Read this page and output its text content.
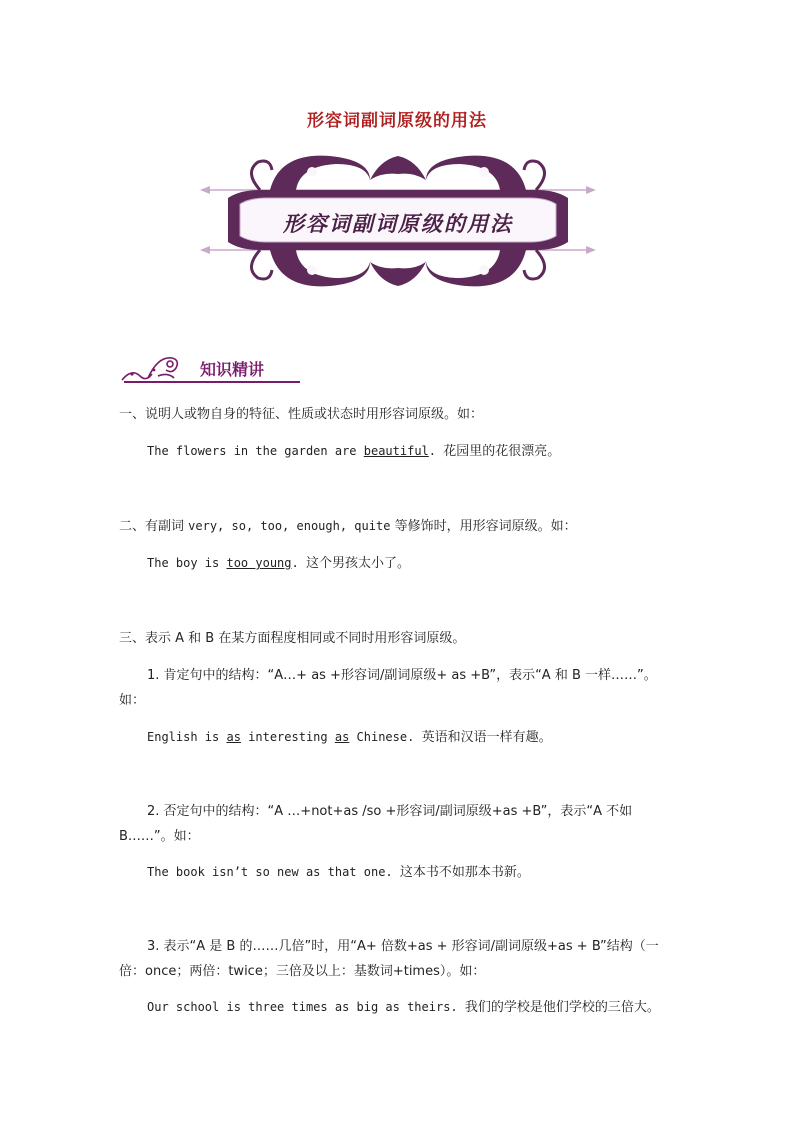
形容词副词原级的用法
形容词副词原级的用法
知识精讲
一、说明人或物自身的特征、性质或状态时用形容词原级。如：
The flowers in the garden are beautiful. 花园里的花很漂亮。
二、有副词 very, so, too, enough, quite 等修饰时，用形容词原级。如：
The boy is too young. 这个男孩太小了。
三、表示 A 和 B 在某方面程度相同或不同时用形容词原级。
1. 肯定句中的结构：“A…+ as +形容词/副词原级+ as +B”，表示“A 和 B 一样……”。
如：
English is as interesting as Chinese. 英语和汉语一样有趣。
2. 否定句中的结构：“A …+not+as /so +形容词/副词原级+as +B”，表示“A 不如
B……”。如：
The book isn’t so new as that one. 这本书不如那本书新。
3. 表示“A 是 B 的……几倍”时，用“A+ 倍数+as + 形容词/副词原级+as + B”结构（一
倍：once；两倍：twice；三倍及以上：基数词+times）。如：
Our school is three times as big as theirs. 我们的学校是他们学校的三倍大。
